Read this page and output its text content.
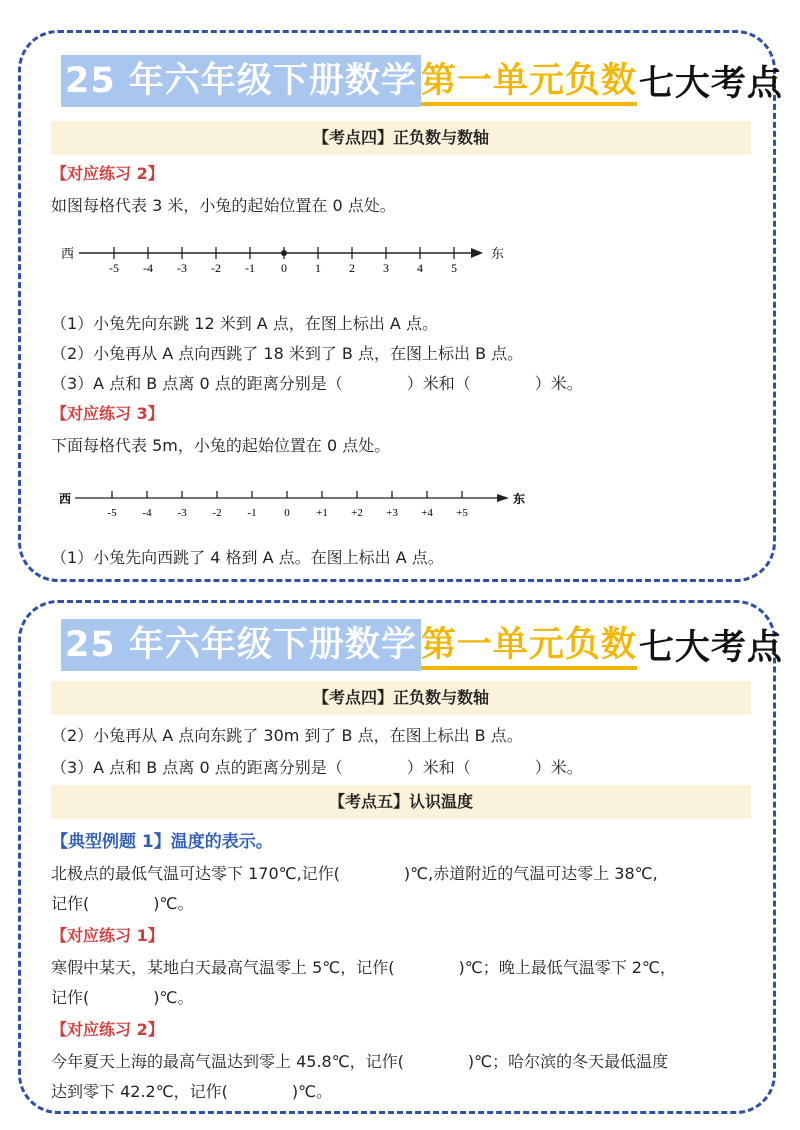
25 年六年级下册数学 第一单元负数 七大考点
【考点四】正负数与数轴
【对应练习 2】
如图每格代表 3 米，小兔的起始位置在 0 点处。
西	东
-5 -4 -3 -2 -1 0 1 2 3 4 5
（1）小兔先向东跳 12 米到 A 点，在图上标出 A 点。
（2）小兔再从 A 点向西跳了 18 米到了 B 点，在图上标出 B 点。
（3）A 点和 B 点离 0 点的距离分别是（　　　　）米和（　　　　）米。
【对应练习 3】
下面每格代表 5m，小兔的起始位置在 0 点处。
西	东
-5 -4 -3 -2 -1	0 +1 +2 +3 +4 +5
（1）小兔先向西跳了 4 格到 A 点。在图上标出 A 点。
25 年六年级下册数学 第一单元负数 七大考点
【考点四】正负数与数轴
（2）小兔再从 A 点向东跳了 30m 到了 B 点，在图上标出 B 点。
（3）A 点和 B 点离 0 点的距离分别是（　　　　）米和（　　　　）米。
【考点五】认识温度
【典型例题 1】温度的表示。
北极点的最低气温可达零下 170℃,记作(　　　　)℃,赤道附近的气温可达零上 38℃,
记作(　　　　)℃。
【对应练习 1】
寒假中某天，某地白天最高气温零上 5℃，记作(　　　　)℃；晚上最低气温零下 2℃，
记作(　　　　)℃。
【对应练习 2】
今年夏天上海的最高气温达到零上 45.8℃，记作(　　　　)℃；哈尔滨的冬天最低温度
达到零下 42.2℃，记作(　　　　)℃。
